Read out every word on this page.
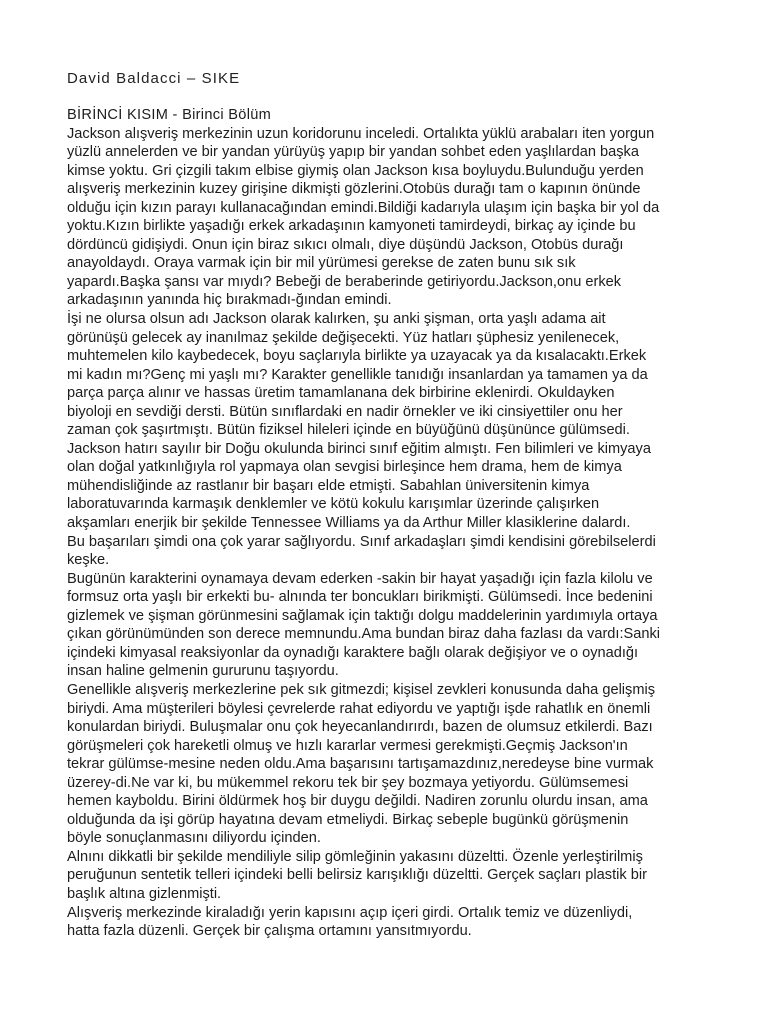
David Baldacci – SIKE
BİRİNCİ KISIM - Birinci Bölüm
Jackson alışveriş merkezinin uzun koridorunu inceledi. Ortalıkta yüklü arabaları iten yorgun
yüzlü annelerden ve bir yandan yürüyüş yapıp bir yandan sohbet eden yaşlılardan başka
kimse yoktu. Gri çizgili takım elbise giymiş olan Jackson kısa boyluydu.Bulunduğu yerden
alışveriş merkezinin kuzey girişine dikmişti gözlerini.Otobüs durağı tam o kapının önünde
olduğu için kızın parayı kullanacağından emindi.Bildiği kadarıyla ulaşım için başka bir yol da
yoktu.Kızın birlikte yaşadığı erkek arkadaşının kamyoneti tamirdeydi, birkaç ay içinde bu
dördüncü gidişiydi. Onun için biraz sıkıcı olmalı, diye düşündü Jackson, Otobüs durağı
anayoldaydı. Oraya varmak için bir mil yürümesi gerekse de zaten bunu sık sık
yapardı.Başka şansı var mıydı? Bebeği de beraberinde getiriyordu.Jackson,onu erkek
arkadaşının yanında hiç bırakmadı-ğından emindi.
İşi ne olursa olsun adı Jackson olarak kalırken, şu anki şişman, orta yaşlı adama ait
görünüşü gelecek ay inanılmaz şekilde değişecekti. Yüz hatları şüphesiz yenilenecek,
muhtemelen kilo kaybedecek, boyu saçlarıyla birlikte ya uzayacak ya da kısalacaktı.Erkek
mi kadın mı?Genç mi yaşlı mı? Karakter genellikle tanıdığı insanlardan ya tamamen ya da
parça parça alınır ve hassas üretim tamamlanana dek birbirine eklenirdi. Okuldayken
biyoloji en sevdiği dersti. Bütün sınıflardaki en nadir örnekler ve iki cinsiyettiler onu her
zaman çok şaşırtmıştı. Bütün fiziksel hileleri içinde en büyüğünü düşününce gülümsedi.
Jackson hatırı sayılır bir Doğu okulunda birinci sınıf eğitim almıştı. Fen bilimleri ve kimyaya
olan doğal yatkınlığıyla rol yapmaya olan sevgisi birleşince hem drama, hem de kimya
mühendisliğinde az rastlanır bir başarı elde etmişti. Sabahlan üniversitenin kimya
laboratuvarında karmaşık denklemler ve kötü kokulu karışımlar üzerinde çalışırken
akşamları enerjik bir şekilde Tennessee Williams ya da Arthur Miller klasiklerine dalardı.
Bu başarıları şimdi ona çok yarar sağlıyordu. Sınıf arkadaşları şimdi kendisini görebilselerdi
keşke.
Bugünün karakterini oynamaya devam ederken -sakin bir hayat yaşadığı için fazla kilolu ve
formsuz orta yaşlı bir erkekti bu- alnında ter boncukları birikmişti. Gülümsedi. İnce bedenini
gizlemek ve şişman görünmesini sağlamak için taktığı dolgu maddelerinin yardımıyla ortaya
çıkan görünümünden son derece memnundu.Ama bundan biraz daha fazlası da vardı:Sanki
içindeki kimyasal reaksiyonlar da oynadığı karaktere bağlı olarak değişiyor ve o oynadığı
insan haline gelmenin gururunu taşıyordu.
Genellikle alışveriş merkezlerine pek sık gitmezdi; kişisel zevkleri konusunda daha gelişmiş
biriydi. Ama müşterileri böylesi çevrelerde rahat ediyordu ve yaptığı işde rahatlık en önemli
konulardan biriydi. Buluşmalar onu çok heyecanlandırırdı, bazen de olumsuz etkilerdi. Bazı
görüşmeleri çok hareketli olmuş ve hızlı kararlar vermesi gerekmişti.Geçmiş Jackson'ın
tekrar gülümse-mesine neden oldu.Ama başarısını tartışamazdınız,neredeyse bine vurmak
üzerey-di.Ne var ki, bu mükemmel rekoru tek bir şey bozmaya yetiyordu. Gülümsemesi
hemen kayboldu. Birini öldürmek hoş bir duygu değildi. Nadiren zorunlu olurdu insan, ama
olduğunda da işi görüp hayatına devam etmeliydi. Birkaç sebeple bugünkü görüşmenin
böyle sonuçlanmasını diliyordu içinden.
Alnını dikkatli bir şekilde mendiliyle silip gömleğinin yakasını düzeltti. Özenle yerleştirilmiş
peruğunun sentetik telleri içindeki belli belirsiz karışıklığı düzeltti. Gerçek saçları plastik bir
başlık altına gizlenmişti.
Alışveriş merkezinde kiraladığı yerin kapısını açıp içeri girdi. Ortalık temiz ve düzenliydi,
hatta fazla düzenli. Gerçek bir çalışma ortamını yansıtmıyordu.
